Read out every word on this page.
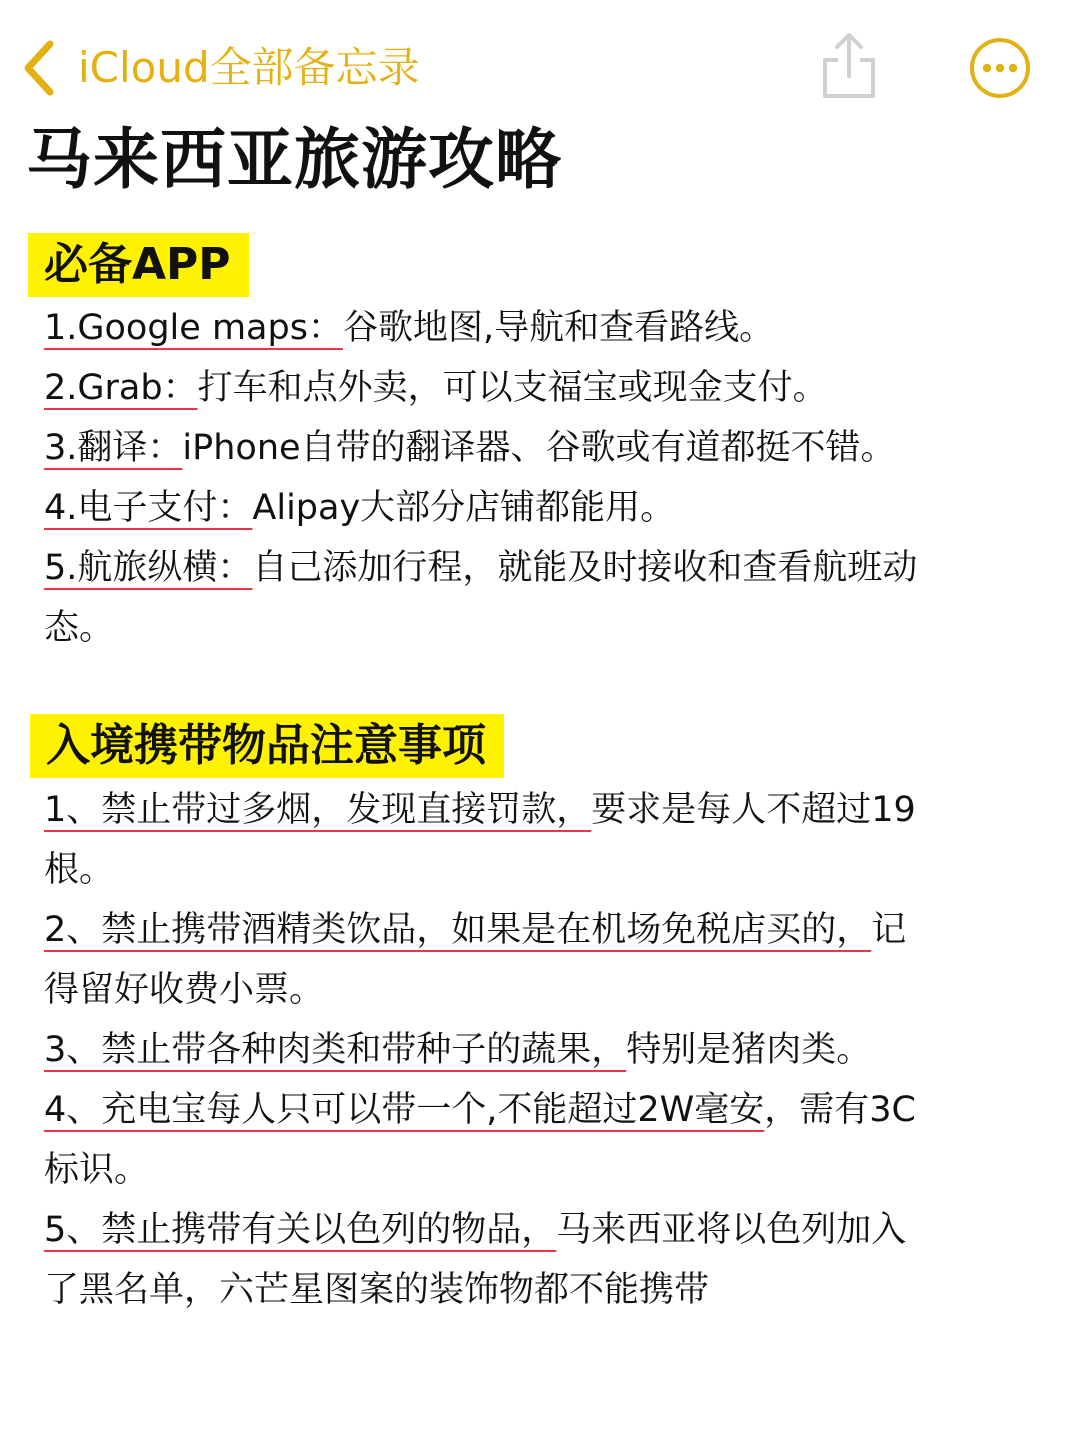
iCloud全部备忘录
马来西亚旅游攻略
必备APP
1.Google maps：谷歌地图,导航和查看路线。
2.Grab：打车和点外卖，可以支福宝或现金支付。
3.翻译：iPhone自带的翻译器、谷歌或有道都挺不错。
4.电子支付：Alipay大部分店铺都能用。
5.航旅纵横：自己添加行程，就能及时接收和查看航班动
态。
入境携带物品注意事项
1、禁止带过多烟，发现直接罚款，要求是每人不超过19
根。
2、禁止携带酒精类饮品，如果是在机场免税店买的，记
得留好收费小票。
3、禁止带各种肉类和带种子的蔬果，特别是猪肉类。
4、充电宝每人只可以带一个,不能超过2W毫安，需有3C
标识。
5、禁止携带有关以色列的物品，马来西亚将以色列加入
了黑名单，六芒星图案的装饰物都不能携带
